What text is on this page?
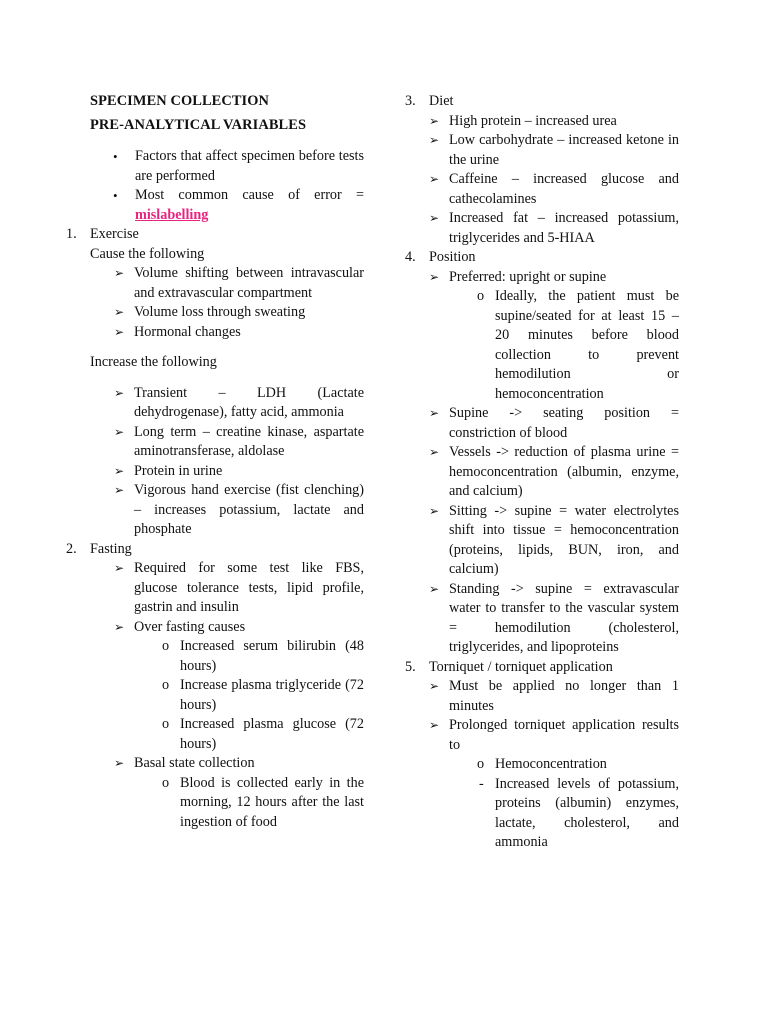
SPECIMEN COLLECTION
PRE-ANALYTICAL VARIABLES
• Factors that affect specimen before tests are performed
• Most common cause of error = mislabelling
1. Exercise
Cause the following
➢ Volume shifting between intravascular and extravascular compartment
➢ Volume loss through sweating
➢ Hormonal changes
Increase the following
➢ Transient – LDH (Lactate dehydrogenase), fatty acid, ammonia
➢ Long term – creatine kinase, aspartate aminotransferase, aldolase
➢ Protein in urine
➢ Vigorous hand exercise (fist clenching) – increases potassium, lactate and phosphate
2. Fasting
➢ Required for some test like FBS, glucose tolerance tests, lipid profile, gastrin and insulin
➢ Over fasting causes
o Increased serum bilirubin (48 hours)
o Increase plasma triglyceride (72 hours)
o Increased plasma glucose (72 hours)
➢ Basal state collection
o Blood is collected early in the morning, 12 hours after the last ingestion of food
3. Diet
➢ High protein – increased urea
➢ Low carbohydrate – increased ketone in the urine
➢ Caffeine – increased glucose and cathecolamines
➢ Increased fat – increased potassium, triglycerides and 5-HIAA
4. Position
➢ Preferred: upright or supine
o Ideally, the patient must be supine/seated for at least 15 – 20 minutes before blood collection to prevent hemodilution or hemoconcentration
➢ Supine -> seating position = constriction of blood
➢ Vessels -> reduction of plasma urine = hemoconcentration (albumin, enzyme, and calcium)
➢ Sitting -> supine = water electrolytes shift into tissue = hemoconcentration (proteins, lipids, BUN, iron, and calcium)
➢ Standing -> supine = extravascular water to transfer to the vascular system = hemodilution (cholesterol, triglycerides, and lipoproteins
5. Torniquet / torniquet application
➢ Must be applied no longer than 1 minutes
➢ Prolonged torniquet application results to
o Hemoconcentration
- Increased levels of potassium, proteins (albumin) enzymes, lactate, cholesterol, and ammonia
